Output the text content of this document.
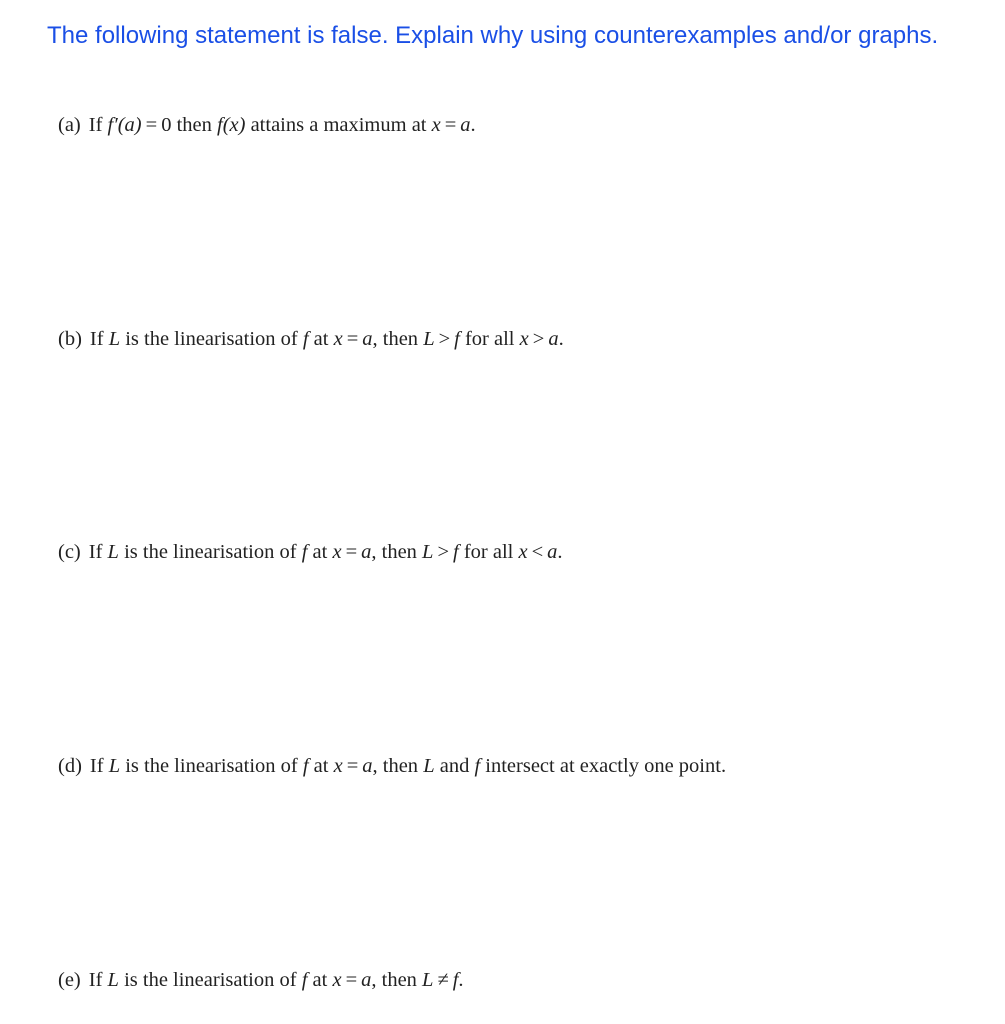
The following statement is false. Explain why using counterexamples and/or graphs.

(a) If f′(a) = 0 then f(x) attains a maximum at x = a.

(b) If L is the linearisation of f at x = a, then L > f for all x > a.

(c) If L is the linearisation of f at x = a, then L > f for all x < a.

(d) If L is the linearisation of f at x = a, then L and f intersect at exactly one point.

(e) If L is the linearisation of f at x = a, then L ≠ f.
